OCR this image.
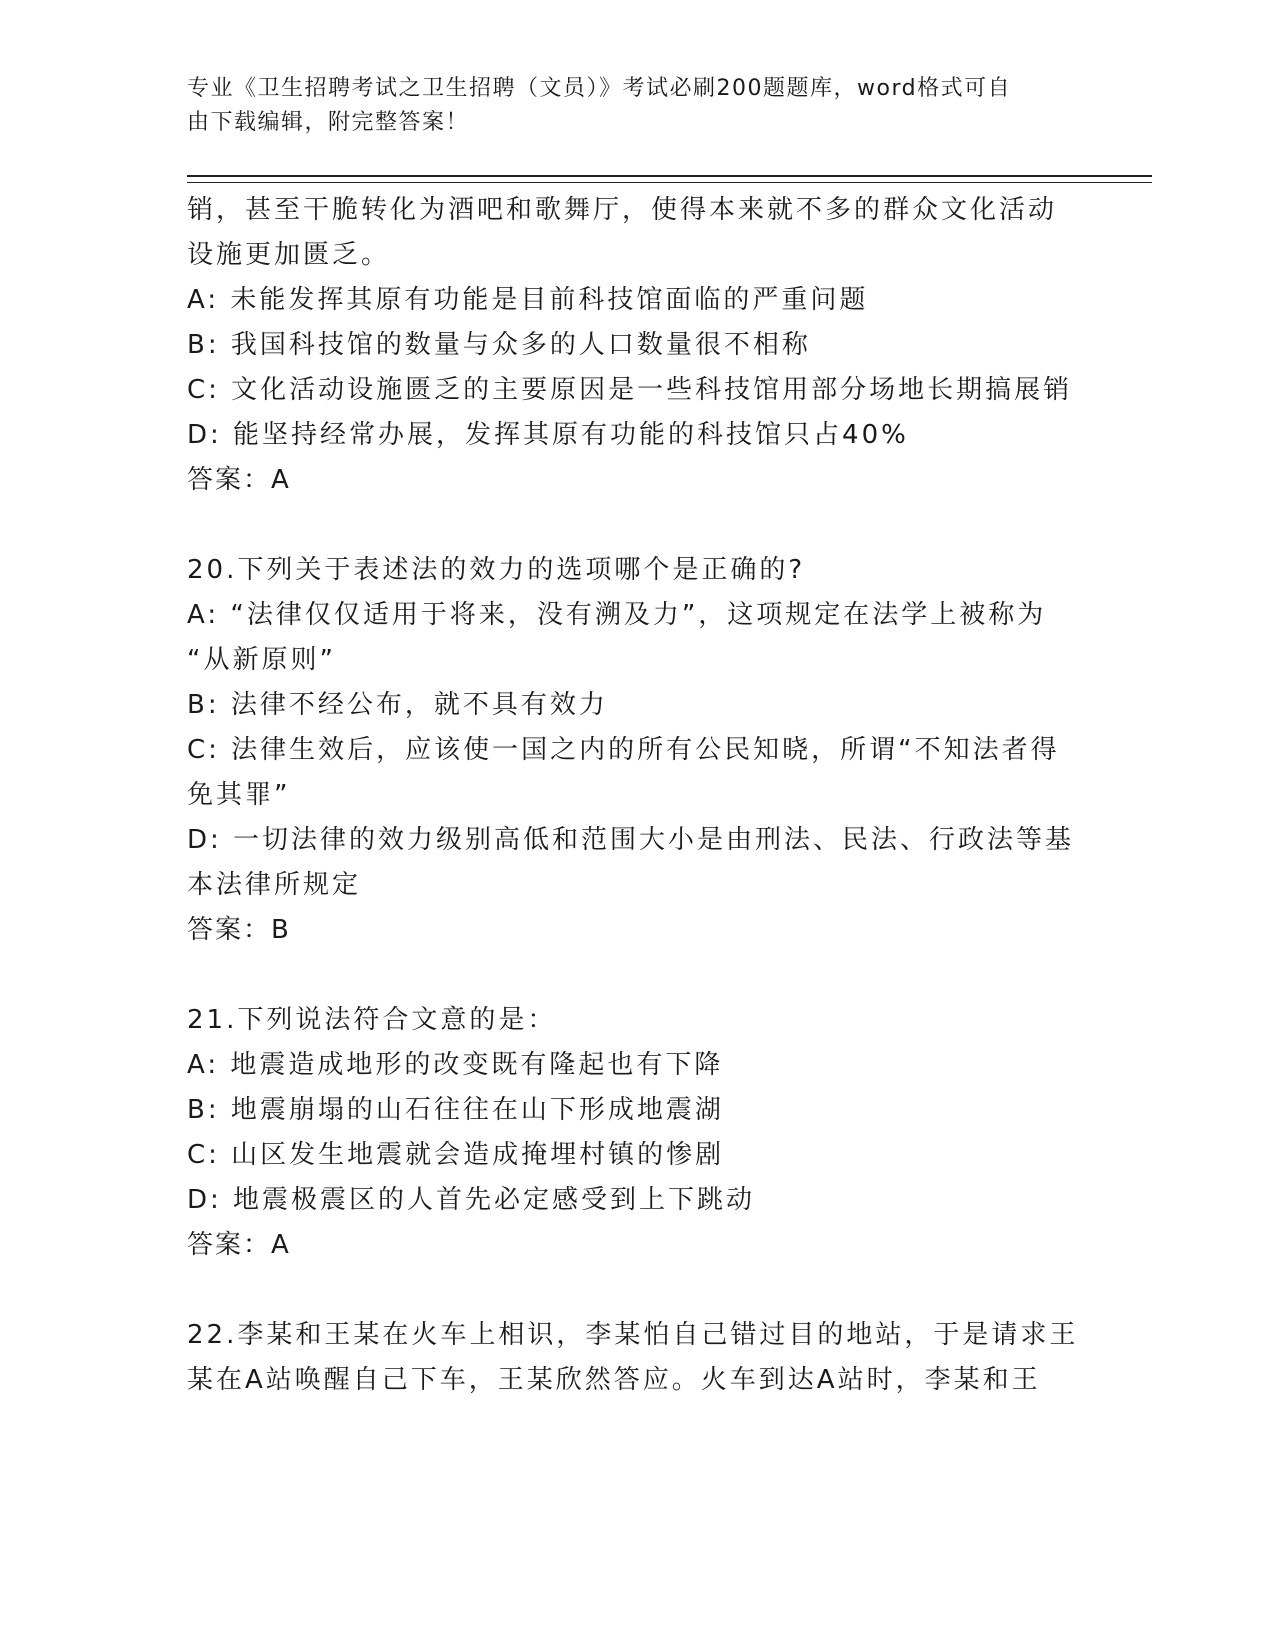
专业《卫生招聘考试之卫生招聘（文员）》考试必刷200题题库，word格式可自
由下载编辑，附完整答案！
销，甚至干脆转化为酒吧和歌舞厅，使得本来就不多的群众文化活动
设施更加匮乏。
A: 未能发挥其原有功能是目前科技馆面临的严重问题
B: 我国科技馆的数量与众多的人口数量很不相称
C: 文化活动设施匮乏的主要原因是一些科技馆用部分场地长期搞展销
D: 能坚持经常办展，发挥其原有功能的科技馆只占40%
答案：A
20.下列关于表述法的效力的选项哪个是正确的?
A: “法律仅仅适用于将来，没有溯及力”，这项规定在法学上被称为
“从新原则”
B: 法律不经公布，就不具有效力
C: 法律生效后，应该使一国之内的所有公民知晓，所谓“不知法者得
免其罪”
D: 一切法律的效力级别高低和范围大小是由刑法、民法、行政法等基
本法律所规定
答案：B
21.下列说法符合文意的是：
A: 地震造成地形的改变既有隆起也有下降
B: 地震崩塌的山石往往在山下形成地震湖
C: 山区发生地震就会造成掩埋村镇的惨剧
D: 地震极震区的人首先必定感受到上下跳动
答案：A
22.李某和王某在火车上相识，李某怕自己错过目的地站，于是请求王
某在A站唤醒自己下车，王某欣然答应。火车到达A站时，李某和王
